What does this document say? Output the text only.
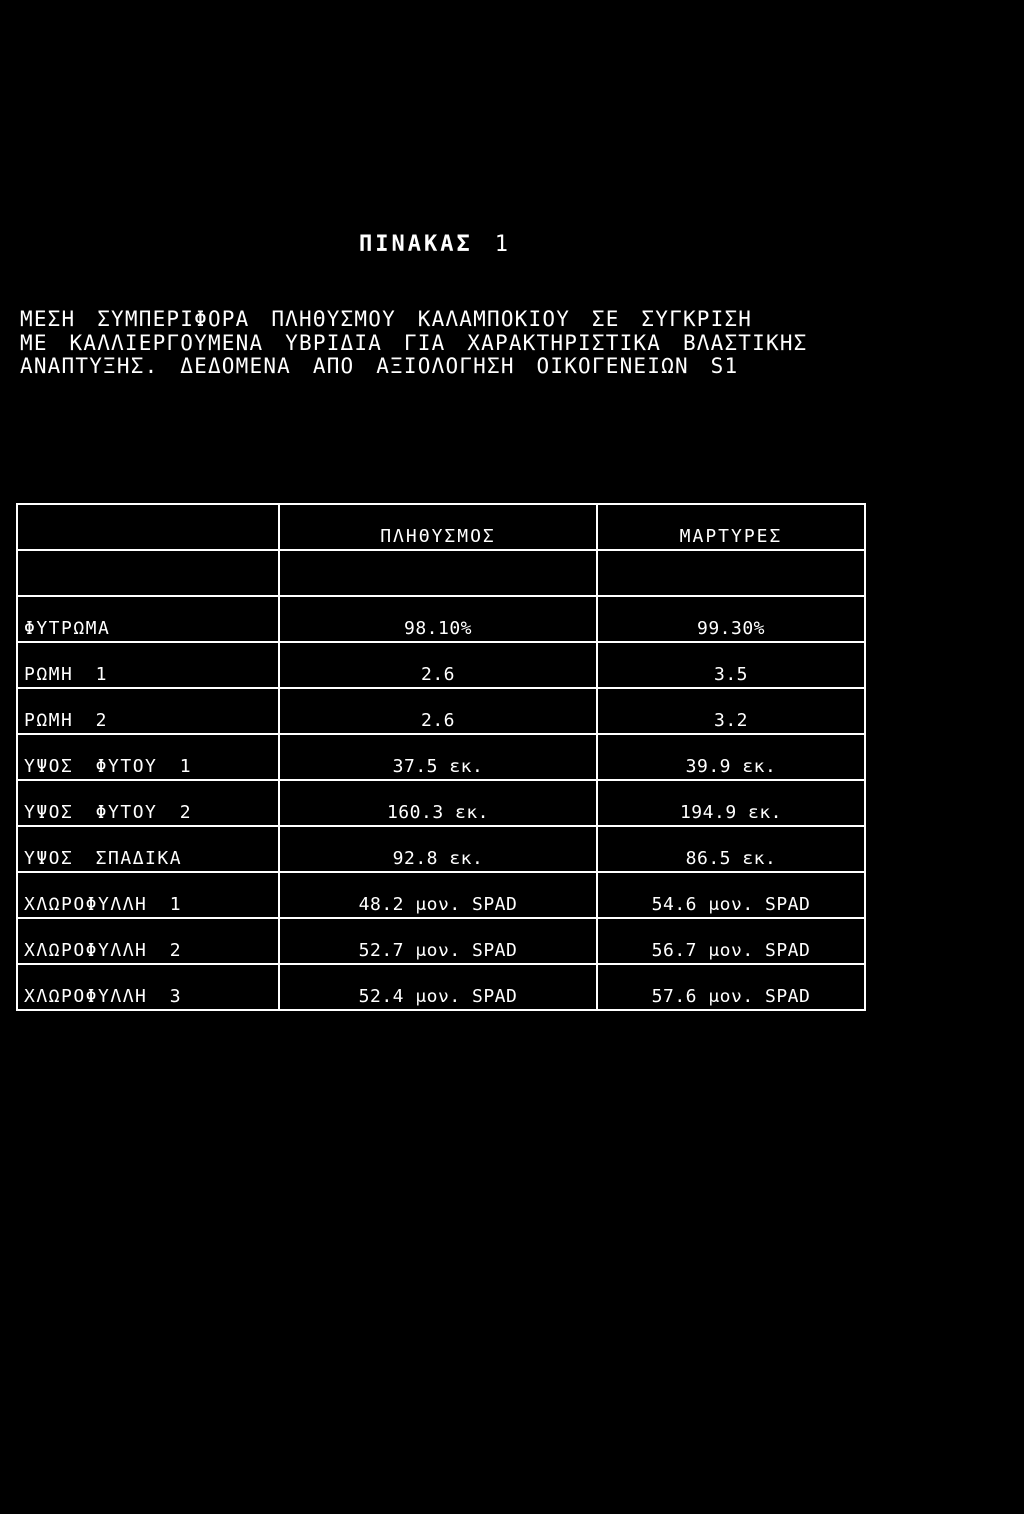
ΠΙΝΑΚΑΣ 1
ΜΕΣΗ ΣΥΜΠΕΡΙΦΟΡΑ ΠΛΗΘΥΣΜΟΥ ΚΑΛΑΜΠΟΚΙΟΥ ΣΕ ΣΥΓΚΡΙΣΗ
ΜΕ ΚΑΛΛΙΕΡΓΟΥΜΕΝΑ ΥΒΡΙΔΙΑ ΓΙΑ ΧΑΡΑΚΤΗΡΙΣΤΙΚΑ ΒΛΑΣΤΙΚΗΣ
ΑΝΑΠΤΥΞΗΣ. ΔΕΔΟΜΕΝΑ ΑΠΟ ΑΞΙΟΛΟΓΗΣΗ ΟΙΚΟΓΕΝΕΙΩΝ S1
	ΠΛΗΘΥΣΜΟΣ	ΜΑΡΤΥΡΕΣ

ΦΥΤΡΩΜΑ	98.10%	99.30%
ΡΩΜΗ 1	2.6	3.5
ΡΩΜΗ 2	2.6	3.2
ΥΨΟΣ ΦΥΤΟΥ 1	37.5 εκ.	39.9 εκ.
ΥΨΟΣ ΦΥΤΟΥ 2	160.3 εκ.	194.9 εκ.
ΥΨΟΣ ΣΠΑΔΙΚΑ	92.8 εκ.	86.5 εκ.
ΧΛΩΡΟΦΥΛΛΗ 1	48.2 μον. SPAD	54.6 μον. SPAD
ΧΛΩΡΟΦΥΛΛΗ 2	52.7 μον. SPAD	56.7 μον. SPAD
ΧΛΩΡΟΦΥΛΛΗ 3	52.4 μον. SPAD	57.6 μον. SPAD
